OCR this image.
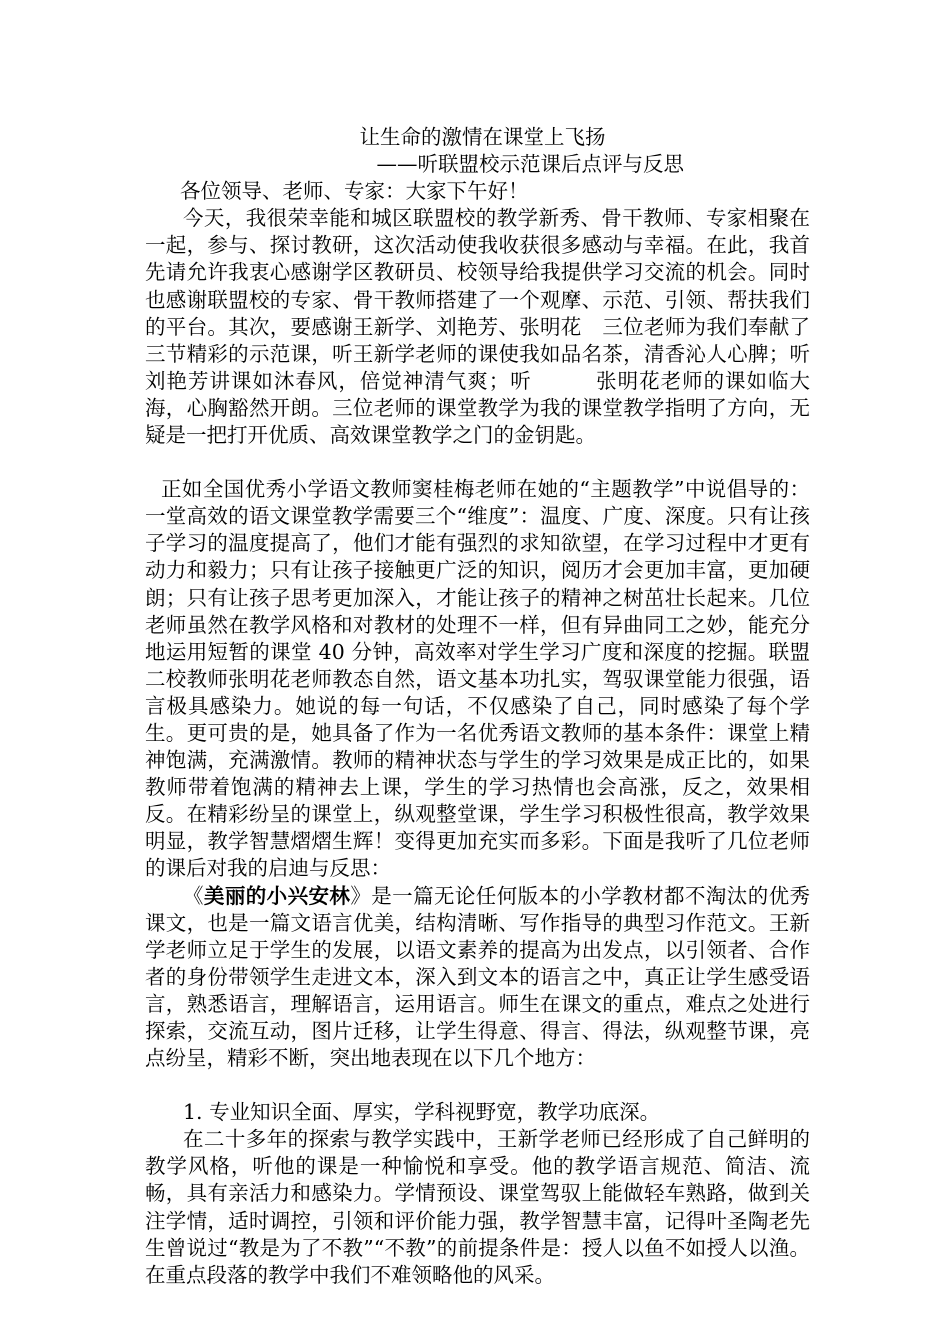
让生命的激情在课堂上飞扬
——听联盟校示范课后点评与反思

各位领导、老师、专家：大家下午好！

今天，我很荣幸能和城区联盟校的教学新秀、骨干教师、专家相聚在一起，参与、探讨教研，这次活动使我收获很多感动与幸福。在此，我首先请允许我衷心感谢学区教研员、校领导给我提供学习交流的机会。同时也感谢联盟校的专家、骨干教师搭建了一个观摩、示范、引领、帮扶我们的平台。其次，要感谢王新学、刘艳芳、张明花　三位老师为我们奉献了三节精彩的示范课，听王新学老师的课使我如品名茶，清香沁人心脾；听刘艳芳讲课如沐春风，倍觉神清气爽；听　　　张明花老师的课如临大海，心胸豁然开朗。三位老师的课堂教学为我的课堂教学指明了方向，无疑是一把打开优质、高效课堂教学之门的金钥匙。

正如全国优秀小学语文教师窦桂梅老师在她的“主题教学”中说倡导的：一堂高效的语文课堂教学需要三个“维度”：温度、广度、深度。只有让孩子学习的温度提高了，他们才能有强烈的求知欲望，在学习过程中才更有动力和毅力；只有让孩子接触更广泛的知识，阅历才会更加丰富，更加硬朗；只有让孩子思考更加深入，才能让孩子的精神之树茁壮长起来。几位老师虽然在教学风格和对教材的处理不一样，但有异曲同工之妙，能充分地运用短暂的课堂 40 分钟，高效率对学生学习广度和深度的挖掘。联盟二校教师张明花老师教态自然，语文基本功扎实，驾驭课堂能力很强，语言极具感染力。她说的每一句话，不仅感染了自己，同时感染了每个学生。更可贵的是，她具备了作为一名优秀语文教师的基本条件：课堂上精神饱满，充满激情。教师的精神状态与学生的学习效果是成正比的，如果教师带着饱满的精神去上课，学生的学习热情也会高涨，反之，效果相反。在精彩纷呈的课堂上，纵观整堂课，学生学习积极性很高，教学效果明显，教学智慧熠熠生辉！变得更加充实而多彩。下面是我听了几位老师的课后对我的启迪与反思：

《美丽的小兴安林》是一篇无论任何版本的小学教材都不淘汰的优秀课文，也是一篇文语言优美，结构清晰、写作指导的典型习作范文。王新学老师立足于学生的发展，以语文素养的提高为出发点，以引领者、合作者的身份带领学生走进文本，深入到文本的语言之中，真正让学生感受语言，熟悉语言，理解语言，运用语言。师生在课文的重点，难点之处进行探索，交流互动，图片迁移，让学生得意、得言、得法，纵观整节课，亮点纷呈，精彩不断，突出地表现在以下几个地方：

1. 专业知识全面、厚实，学科视野宽，教学功底深。

在二十多年的探索与教学实践中，王新学老师已经形成了自己鲜明的教学风格，听他的课是一种愉悦和享受。他的教学语言规范、简洁、流畅，具有亲活力和感染力。学情预设、课堂驾驭上能做轻车熟路，做到关注学情，适时调控，引领和评价能力强，教学智慧丰富，记得叶圣陶老先生曾说过“教是为了不教”“不教”的前提条件是：授人以鱼不如授人以渔。在重点段落的教学中我们不难领略他的风采。
